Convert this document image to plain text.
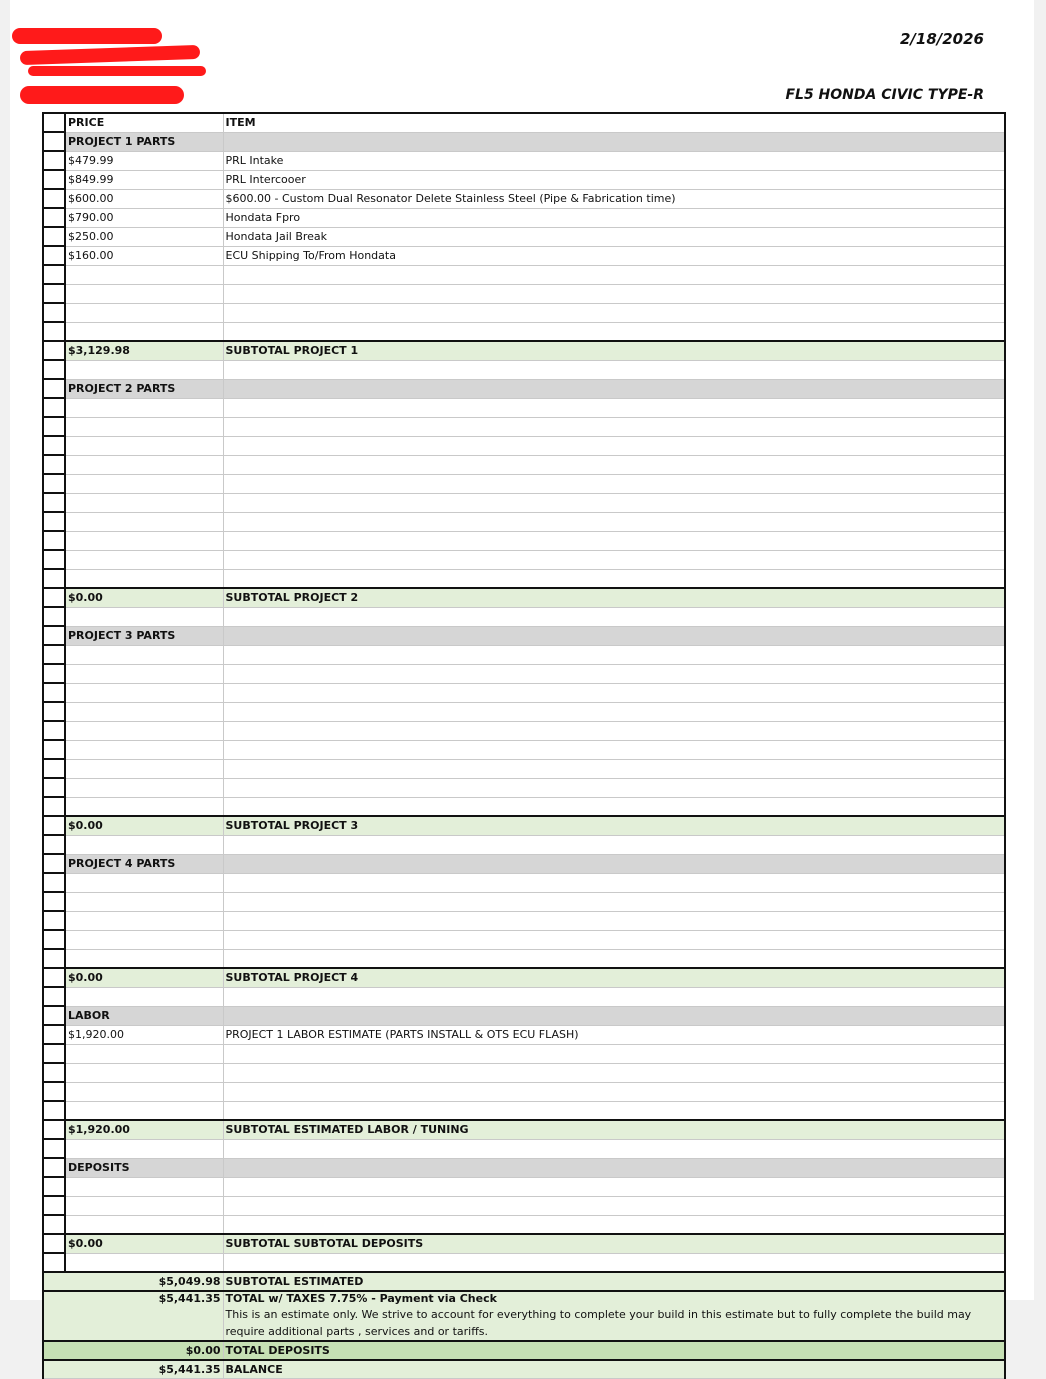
2/18/2026
FL5 HONDA CIVIC TYPE-R
	PRICE	ITEM
	PROJECT 1 PARTS	
	$479.99	PRL Intake
	$849.99	PRL Intercooer
	$600.00	$600.00 - Custom Dual Resonator Delete Stainless Steel (Pipe & Fabrication time)
	$790.00	Hondata Fpro
	$250.00	Hondata Jail Break
	$160.00	ECU Shipping To/From Hondata

	$3,129.98	SUBTOTAL PROJECT 1

	PROJECT 2 PARTS	

	$0.00	SUBTOTAL PROJECT 2

	PROJECT 3 PARTS	

	$0.00	SUBTOTAL PROJECT 3

	PROJECT 4 PARTS	

	$0.00	SUBTOTAL PROJECT 4

	LABOR	
	$1,920.00	PROJECT 1 LABOR ESTIMATE (PARTS INSTALL & OTS ECU FLASH)

	$1,920.00	SUBTOTAL ESTIMATED LABOR / TUNING

	DEPOSITS	

	$0.00	SUBTOTAL SUBTOTAL DEPOSITS

$5,049.98		SUBTOTAL ESTIMATED
$5,441.35		TOTAL w/ TAXES 7.75% - Payment via Check
This is an estimate only. We strive to account for everything to complete your build in this estimate but to fully complete the build may require additional parts , services and or tariffs.

$0.00		TOTAL DEPOSITS
$5,441.35		BALANCE
